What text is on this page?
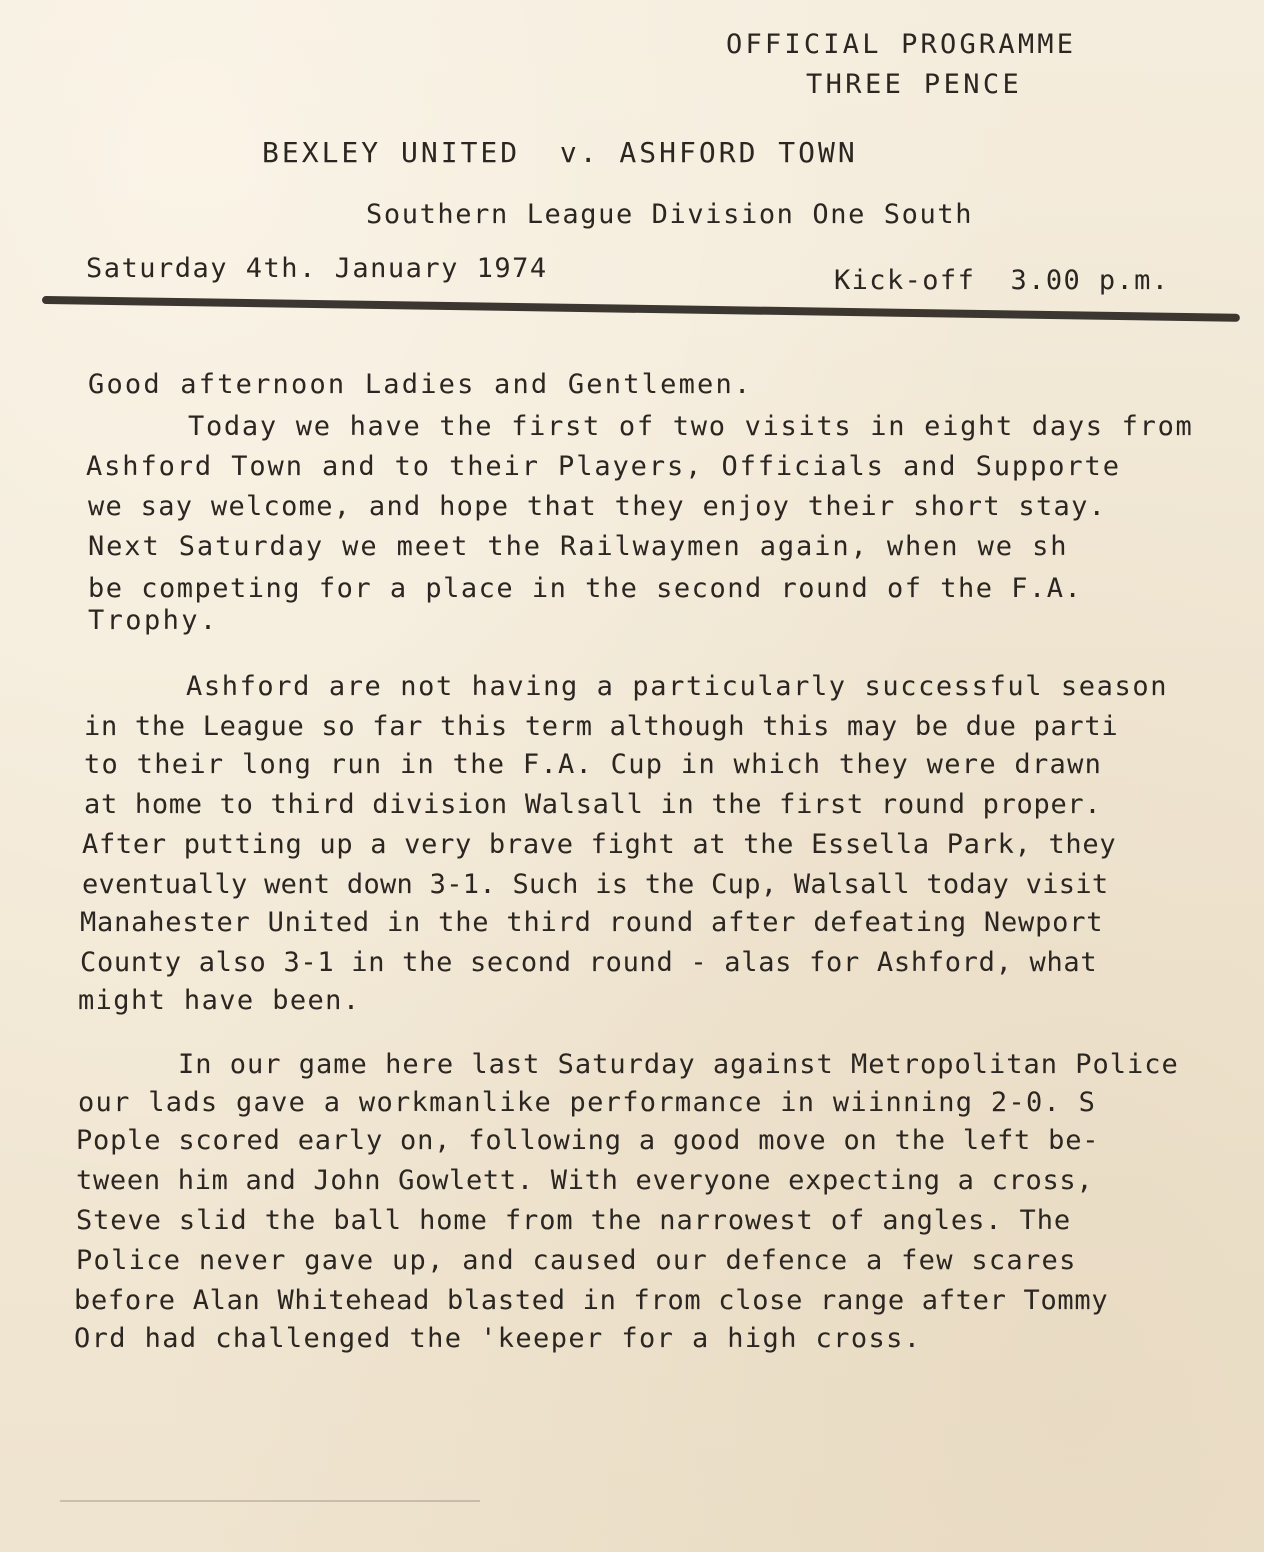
OFFICIAL PROGRAMME
THREE PENCE
BEXLEY UNITED  v. ASHFORD TOWN
Southern League Division One South
Saturday 4th. January 1974	Kick-off  3.00 p.m.
Good afternoon Ladies and Gentlemen.
Today we have the first of two visits in eight days from
Ashford Town and to their Players, Officials and Supporte
we say welcome, and hope that they enjoy their short stay.
Next Saturday we meet the Railwaymen again, when we sh
be competing for a place in the second round of the F.A.
Trophy.
Ashford are not having a particularly successful season
in the League so far this term although this may be due parti
to their long run in the F.A. Cup in which they were drawn
at home to third division Walsall in the first round proper.
After putting up a very brave fight at the Essella Park, they
eventually went down 3-1. Such is the Cup, Walsall today visit
Manahester United in the third round after defeating Newport
County also 3-1 in the second round - alas for Ashford, what
might have been.
In our game here last Saturday against Metropolitan Police
our lads gave a workmanlike performance in wiinning 2-0. S
Pople scored early on, following a good move on the left be-
tween him and John Gowlett. With everyone expecting a cross,
Steve slid the ball home from the narrowest of angles. The
Police never gave up, and caused our defence a few scares
before Alan Whitehead blasted in from close range after Tommy
Ord had challenged the 'keeper for a high cross.
